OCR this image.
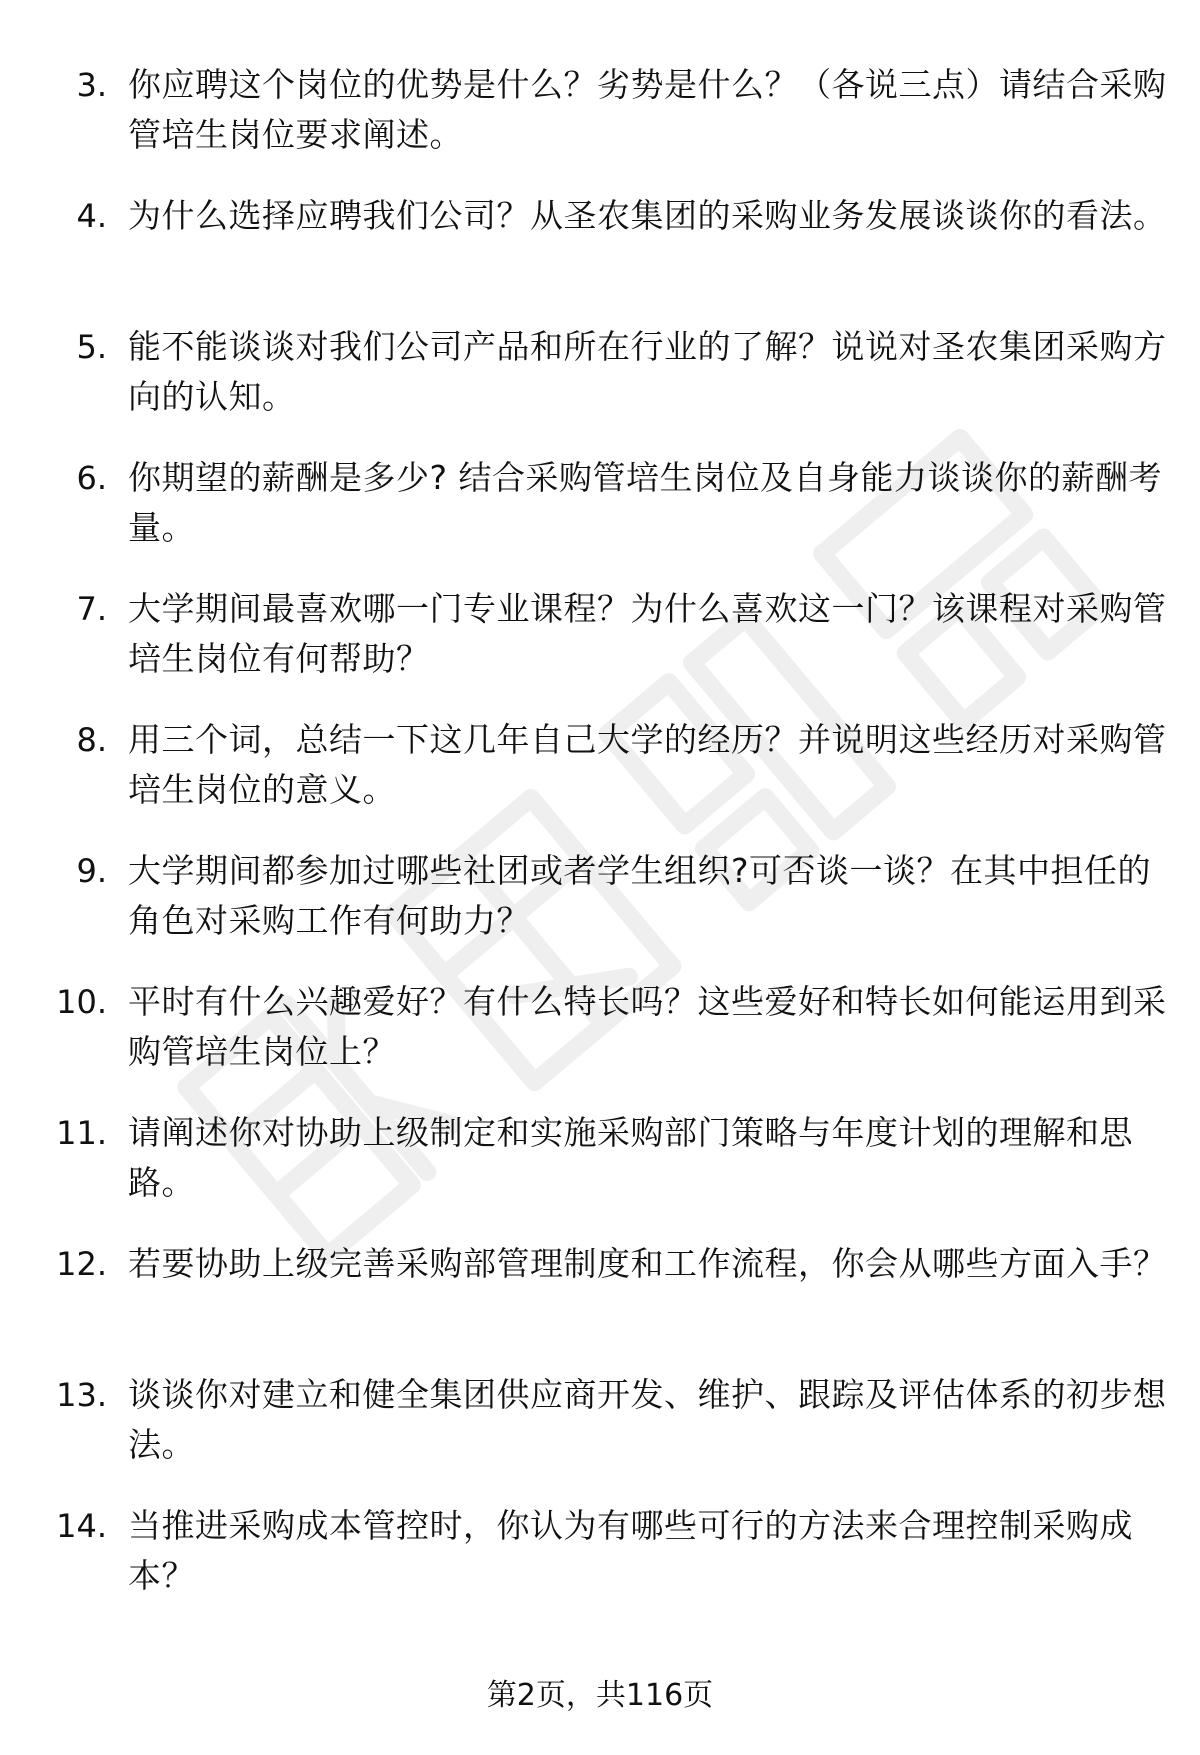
3. 你应聘这个岗位的优势是什么？劣势是什么？（各说三点）请结合采购管培生岗位要求阐述。
4. 为什么选择应聘我们公司？从圣农集团的采购业务发展谈谈你的看法。
5. 能不能谈谈对我们公司产品和所在行业的了解？说说对圣农集团采购方向的认知。
6. 你期望的薪酬是多少? 结合采购管培生岗位及自身能力谈谈你的薪酬考量。
7. 大学期间最喜欢哪一门专业课程？为什么喜欢这一门？该课程对采购管培生岗位有何帮助？
8. 用三个词，总结一下这几年自己大学的经历？并说明这些经历对采购管培生岗位的意义。
9. 大学期间都参加过哪些社团或者学生组织?可否谈一谈？在其中担任的角色对采购工作有何助力？
10. 平时有什么兴趣爱好？有什么特长吗？这些爱好和特长如何能运用到采购管培生岗位上？
11. 请阐述你对协助上级制定和实施采购部门策略与年度计划的理解和思路。
12. 若要协助上级完善采购部管理制度和工作流程，你会从哪些方面入手？
13. 谈谈你对建立和健全集团供应商开发、维护、跟踪及评估体系的初步想法。
14. 当推进采购成本管控时，你认为有哪些可行的方法来合理控制采购成本？
第2页，共116页
